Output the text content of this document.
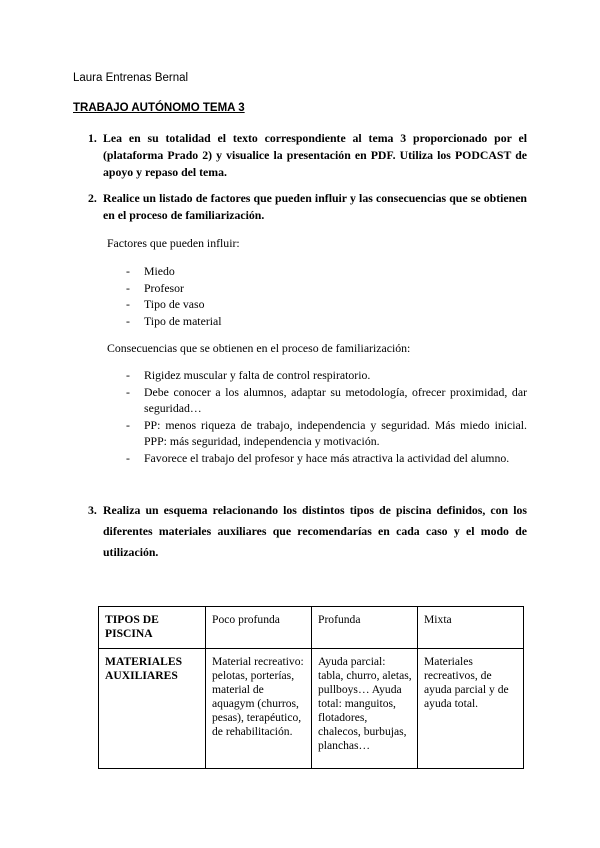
Laura Entrenas Bernal
TRABAJO AUTÓNOMO TEMA 3
1. Lea en su totalidad el texto correspondiente al tema 3 proporcionado por el (plataforma Prado 2) y visualice la presentación en PDF. Utiliza los PODCAST de apoyo y repaso del tema.
2. Realice un listado de factores que pueden influir y las consecuencias que se obtienen en el proceso de familiarización.
Factores que pueden influir:
- Miedo
- Profesor
- Tipo de vaso
- Tipo de material
Consecuencias que se obtienen en el proceso de familiarización:
- Rigidez muscular y falta de control respiratorio.
- Debe conocer a los alumnos, adaptar su metodología, ofrecer proximidad, dar seguridad…
- PP: menos riqueza de trabajo, independencia y seguridad. Más miedo inicial. PPP: más seguridad, independencia y motivación.
- Favorece el trabajo del profesor y hace más atractiva la actividad del alumno.
3. Realiza un esquema relacionando los distintos tipos de piscina definidos, con los diferentes materiales auxiliares que recomendarías en cada caso y el modo de utilización.
TIPOS DE PISCINA	Poco profunda	Profunda	Mixta
MATERIALES AUXILIARES	Material recreativo: pelotas, porterías, material de aquagym (churros, pesas), terapéutico, de rehabilitación.	Ayuda parcial: tabla, churro, aletas, pullboys… Ayuda total: manguitos, flotadores, chalecos, burbujas, planchas…	Materiales recreativos, de ayuda parcial y de ayuda total.
